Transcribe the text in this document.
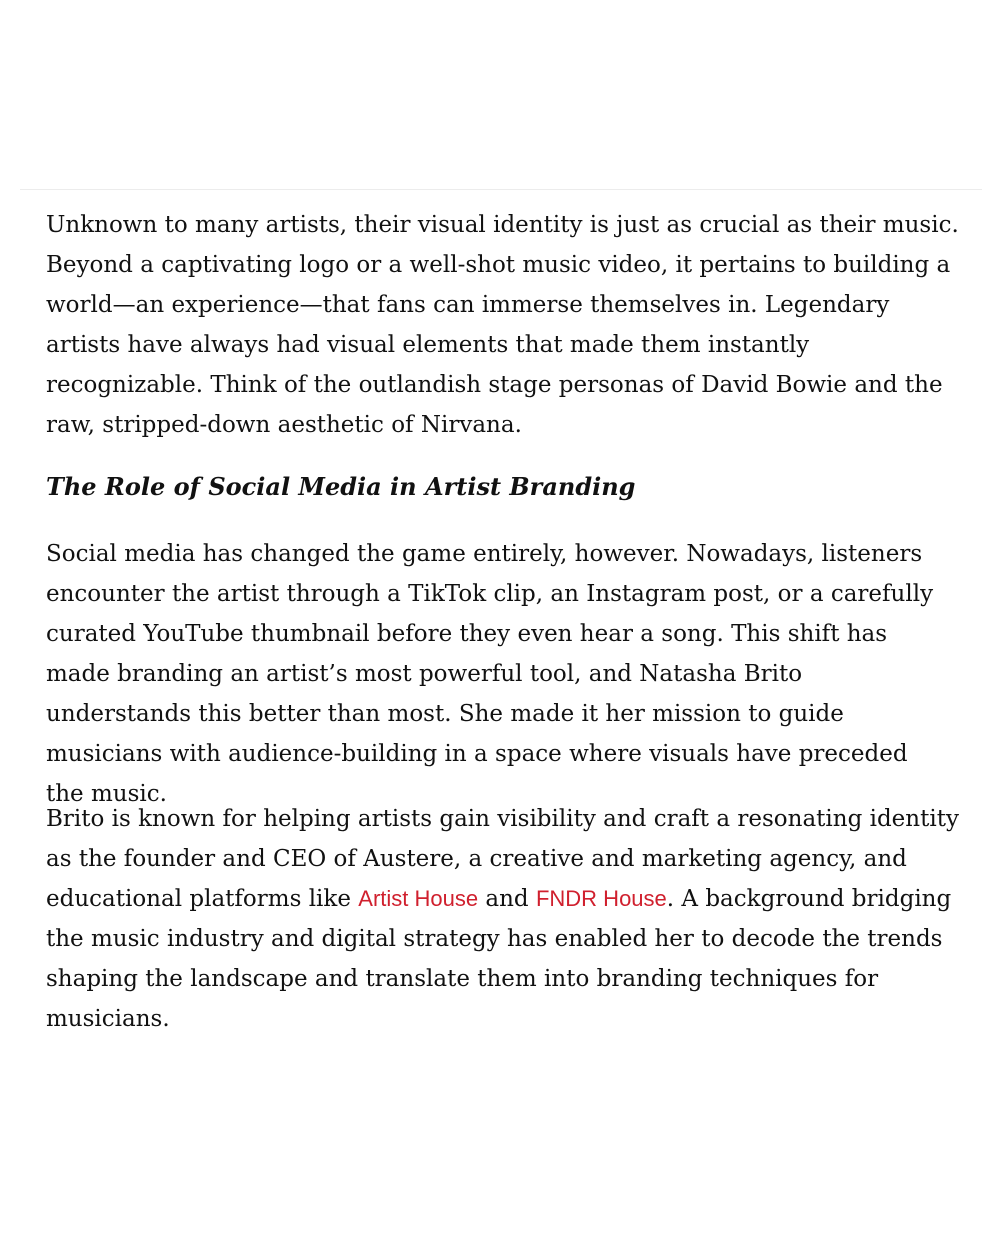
Unknown to many artists, their visual identity is just as crucial as their music. Beyond a captivating logo or a well-shot music video, it pertains to building a world—an experience—that fans can immerse themselves in. Legendary artists have always had visual elements that made them instantly recognizable. Think of the outlandish stage personas of David Bowie and the raw, stripped-down aesthetic of Nirvana.

The Role of Social Media in Artist Branding

Social media has changed the game entirely, however. Nowadays, listeners encounter the artist through a TikTok clip, an Instagram post, or a carefully curated YouTube thumbnail before they even hear a song. This shift has made branding an artist’s most powerful tool, and Natasha Brito understands this better than most. She made it her mission to guide musicians with audience-building in a space where visuals have preceded the music.

Brito is known for helping artists gain visibility and craft a resonating identity as the founder and CEO of Austere, a creative and marketing agency, and educational platforms like Artist House and FNDR House. A background bridging the music industry and digital strategy has enabled her to decode the trends shaping the landscape and translate them into branding techniques for musicians.
